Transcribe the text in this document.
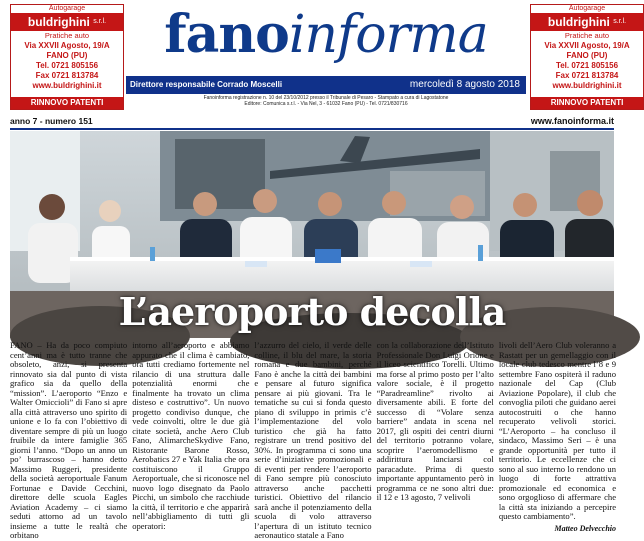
Autogarage
buldrighini $^{s.r.l.}$
Pratiche auto
Via XXVII Agosto, 19/A
FANO (PU)
Tel. 0721 805156
Fax 0721 813784
www.buldrighini.it
RINNOVO PATENTI
fanoinforma
Direttore responsabile Corrado Moscelli	mercoledì 8 agosto 2018
Fanoinforma registrazione n. 10 del 23/10/2012 presso il Tribunale di Pesaro - Stampato a cura di Lagostatone
Editore: Comunica s.r.l. - Via Nel, 3 - 61032 Fano (PU) - Tel. 0721/830716
Autogarage
buldrighini $^{s.r.l.}$
Pratiche auto
Via XXVII Agosto, 19/A
FANO (PU)
Tel. 0721 805156
Fax 0721 813784
www.buldrighini.it
RINNOVO PATENTI
anno 7 - numero 151	www.fanoinforma.it
L’aeroporto decolla

FANO – Ha da poco compiuto cent’anni ma è tutto tranne che obsoleto, anzi, si presenta rinnovato sia dal punto di vista grafico sia da quello della “mission”. L’aeroporto “Enzo e Walter Omiccioli” di Fano si apre alla città attraverso uno spirito di unione e lo fa con l’obiettivo di diventare sempre di più un luogo fruibile da intere famiglie 365 giorni l’anno. “Dopo un anno un po’ burrascoso – hanno detto Massimo Ruggeri, presidente della società aeroportuale Fanum Fortunae e Davide Cecchini, direttore delle scuola Eagles Aviation Academy – ci siamo seduti attorno ad un tavolo insieme a tutte le realtà che orbitano

intorno all’aeroporto e abbiamo appurato che il clima è cambiato, ora tutti crediamo fortemente nel rilancio di una struttura dalle potenzialità enormi che finalmente ha trovato un clima disteso e costruttivo”. Un nuovo progetto condiviso dunque, che vede coinvolti, oltre le due già citate società, anche Aero Club Fano, AlimarcheSkydive Fano, Ristorante Barone Rosso, Aerobatics 27 e Yak Italia che ora costituiscono il Gruppo Aeroportuale, che si riconosce nel nuovo logo disegnato da Paolo Picchi, un simbolo che racchiude la città, il territorio e che apparirà nell’abbigliamento di tutti gli operatori:

l’azzurro del cielo, il verde delle colline, il blu del mare, la storia romana e due bambini, perché Fano è anche la città dei bambini e pensare al futuro significa pensare ai più giovani. Tra le tematiche su cui si fonda questo piano di sviluppo in primis c’è l’implementazione del volo turistico che già ha fatto registrare un trend positivo del 30%. In programma ci sono una serie d’iniziative promozionali e di eventi per rendere l’aeroporto di Fano sempre più conosciuto attraverso anche pacchetti turistici. Obiettivo del rilancio sarà anche il potenziamento della scuola di volo attraverso l’apertura di un istituto tecnico aeronautico statale a Fano

con la collaborazione dell’Istituto Professionale Don Luigi Orione e il liceo scientifico Torelli. Ultimo ma forse al primo posto per l’alto valore sociale, è il progetto “Paradreamline” rivolto ai diversamente abili. E forte del successo di “Volare senza barriere” andata in scena nel 2017, gli ospiti dei centri diurni del territorio potranno volare, scoprire l’aeromodellismo e addirittura lanciarsi col paracadute. Prima di questo importante appuntamento però in programma ce ne sono altri due: il 12 e 13 agosto, 7 velivoli

livoli dell’Aero Club voleranno a Rastatt per un gemellaggio con il locale club tedesco mentre l’8 e 9 settembre Fano ospiterà il raduno nazionale del Cap (Club Aviazione Popolare), il club che convoglia piloti che guidano aerei autocostruiti o che hanno recuperato velivoli storici. “L’Aeroporto – ha concluso il sindaco, Massimo Seri – è una grande opportunità per tutto il territorio. Le eccellenze che ci sono al suo interno lo rendono un luogo di forte attrattiva promozionale ed economica e sono orgoglioso di affermare che la città sta iniziando a percepire questo cambiamento”.

Matteo Delvecchio
